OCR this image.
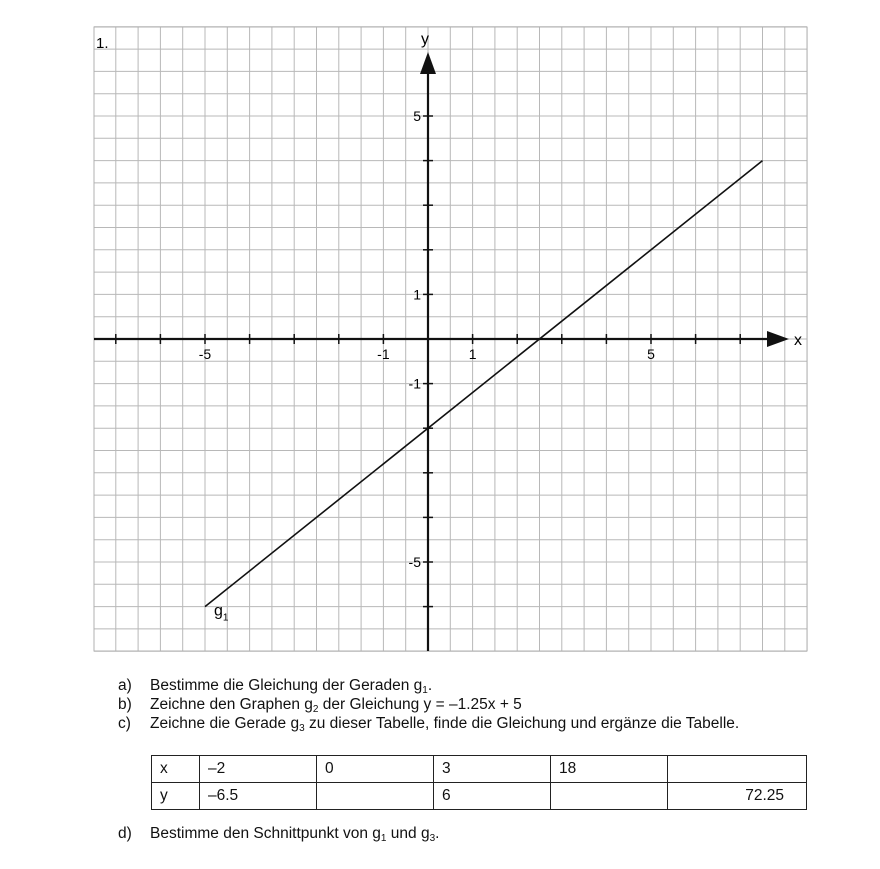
x
y
-5	-1	1	5
5
1
-1
-5
$g_1$
1.
a)	Bestimme die Gleichung der Geraden $g_1$.
b)	Zeichne den Graphen $g_2$ der Gleichung y = –1.25x + 5
c)	Zeichne die Gerade $g_3$ zu dieser Tabelle, finde die Gleichung und ergänze die Tabelle.
x	–2	0	3	18	
y	–6.5		6		72.25
d)	Bestimme den Schnittpunkt von $g_1$ und $g_3$.
